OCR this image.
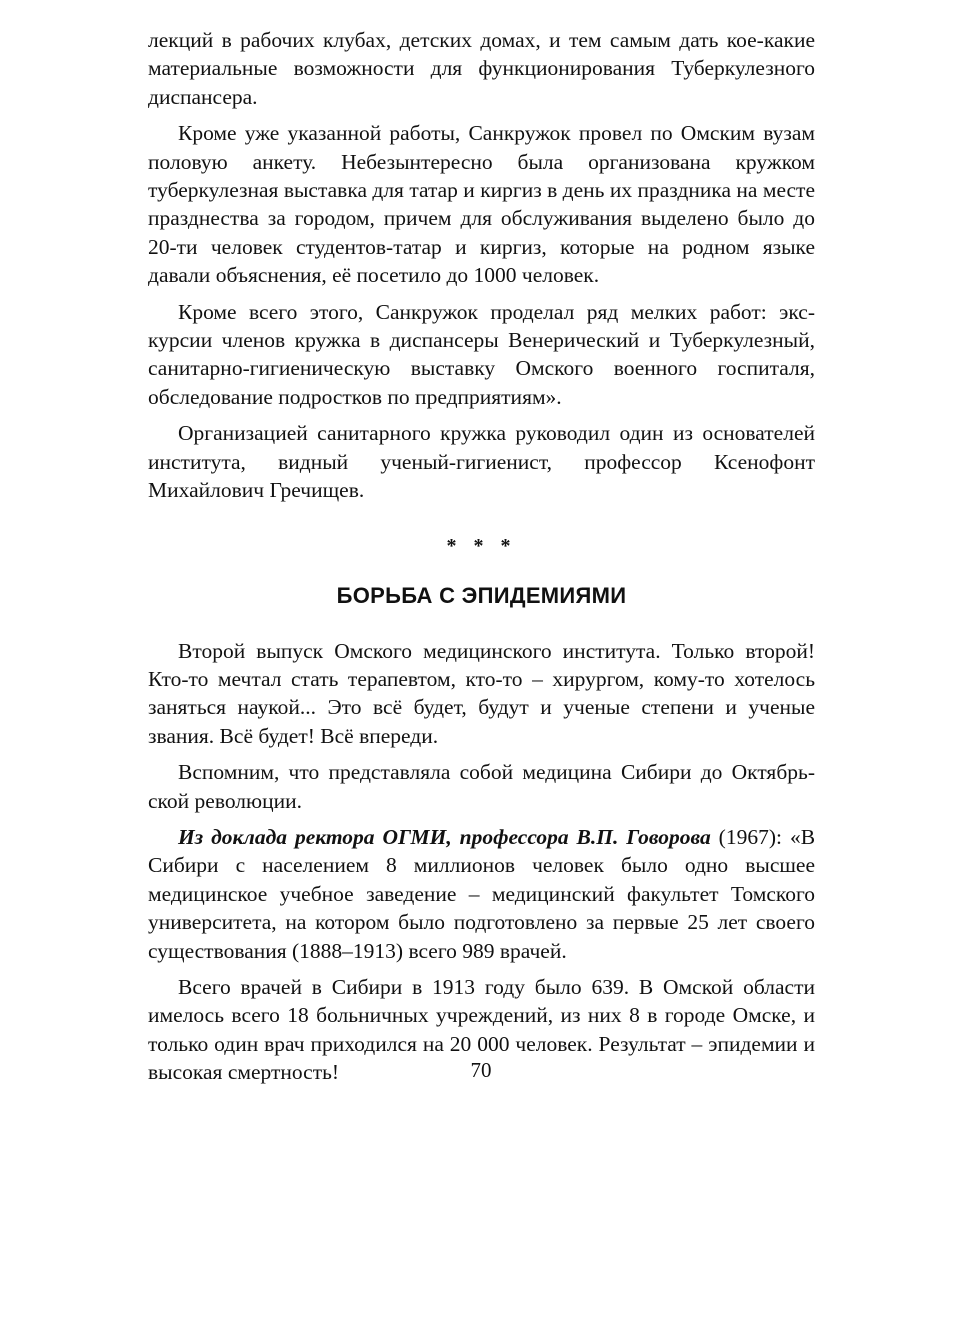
лекций в рабочих клубах, детских домах, и тем самым дать кое-какие материальные возможности для функционирования Туберкулезного диспансера.

Кроме уже указанной работы, Санкружок провел по Омским вузам половую анкету. Небезынтересно была организована кружком туберкулезная выставка для татар и киргиз в день их праздника на месте празднества за городом, причем для обслуживания выделено было до 20-ти человек студентов-татар и киргиз, которые на родном языке давали объяснения, её посетило до 1000 человек.

Кроме всего этого, Санкружок проделал ряд мелких работ: экскурсии членов кружка в диспансеры Венерический и Туберкулезный, санитарно-гигиеническую выставку Омского военного госпиталя, обследование подростков по предприятиям».

Организацией санитарного кружка руководил один из основателей института, видный ученый-гигиенист, профессор Ксенофонт Михайлович Гречищев.

* * *
БОРЬБА С ЭПИДЕМИЯМИ

Второй выпуск Омского медицинского института. Только второй! Кто-то мечтал стать терапевтом, кто-то – хирургом, кому-то хотелось заняться наукой... Это всё будет, будут и ученые степени и ученые звания. Всё будет! Всё впереди.

Вспомним, что представляла собой медицина Сибири до Октябрьской революции.

Из доклада ректора ОГМИ, профессора В.П. Говорова (1967): «В Сибири с населением 8 миллионов человек было одно высшее медицинское учебное заведение – медицинский факультет Томского университета, на котором было подготовлено за первые 25 лет своего существования (1888–1913) всего 989 врачей.

Всего врачей в Сибири в 1913 году было 639. В Омской области имелось всего 18 больничных учреждений, из них 8 в городе Омске, и только один врач приходился на 20 000 человек. Результат – эпидемии и высокая смертность!	70
